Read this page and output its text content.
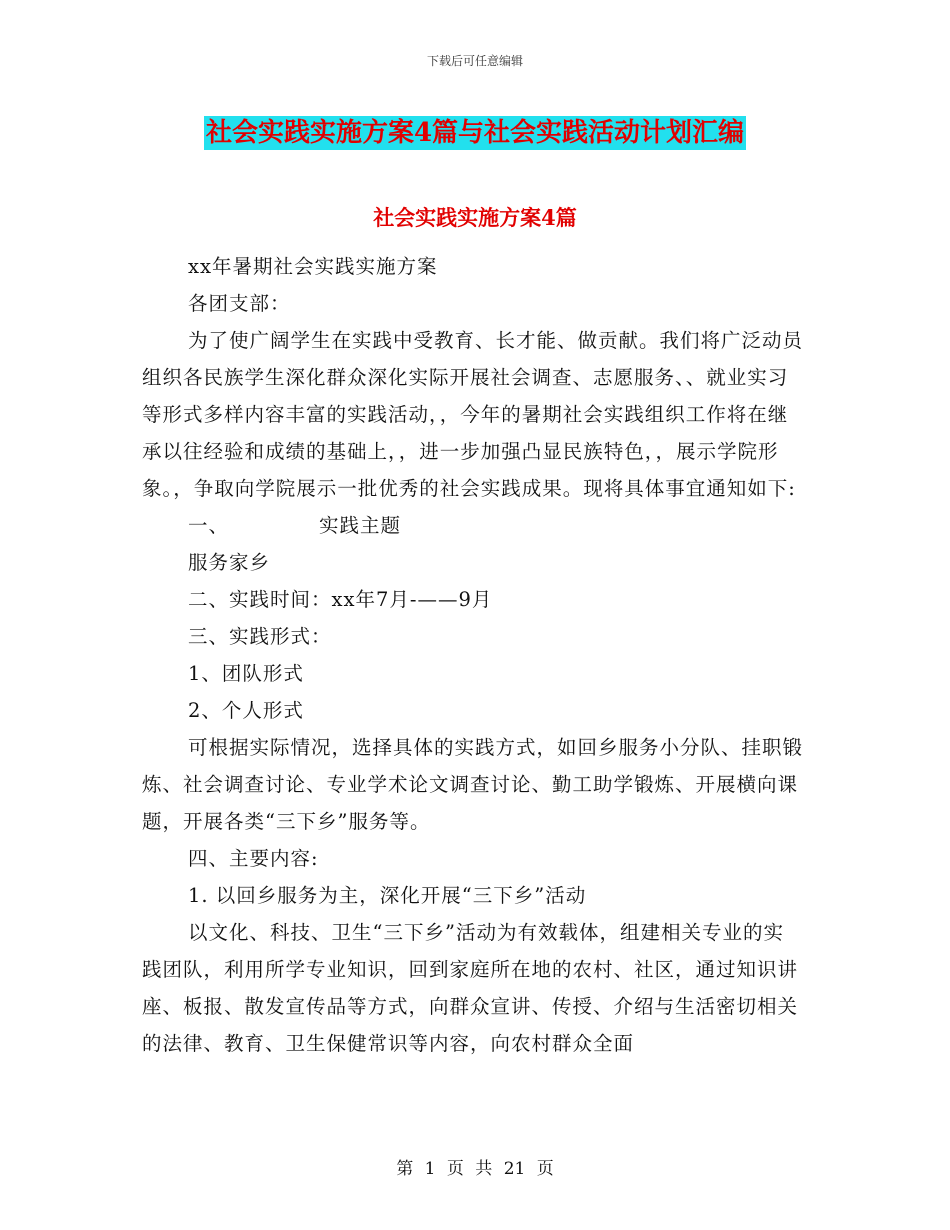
下载后可任意编辑
社会实践实施方案4篇与社会实践活动计划汇编
社会实践实施方案4篇

xx年暑期社会实践实施方案

各团支部：

为了使广阔学生在实践中受教育、长才能、做贡献。我们将广泛动员组织各民族学生深化群众深化实际开展社会调查、志愿服务、、就业实习等形式多样内容丰富的实践活动，，今年的暑期社会实践组织工作将在继承以往经验和成绩的基础上，，进一步加强凸显民族特色，，展示学院形象。，争取向学院展示一批优秀的社会实践成果。现将具体事宜通知如下:

一、	实践主题

服务家乡

二、实践时间：xx年7月-——9月

三、实践形式：

1、团队形式

2、个人形式

可根据实际情况，选择具体的实践方式，如回乡服务小分队、挂职锻炼、社会调查讨论、专业学术论文调查讨论、勤工助学锻炼、开展横向课题，开展各类“三下乡”服务等。

四、主要内容:

1. 以回乡服务为主，深化开展“三下乡”活动

以文化、科技、卫生“三下乡”活动为有效载体，组建相关专业的实践团队，利用所学专业知识，回到家庭所在地的农村、社区，通过知识讲座、板报、散发宣传品等方式，向群众宣讲、传授、介绍与生活密切相关的法律、教育、卫生保健常识等内容，向农村群众全面

第 1 页 共 21 页
